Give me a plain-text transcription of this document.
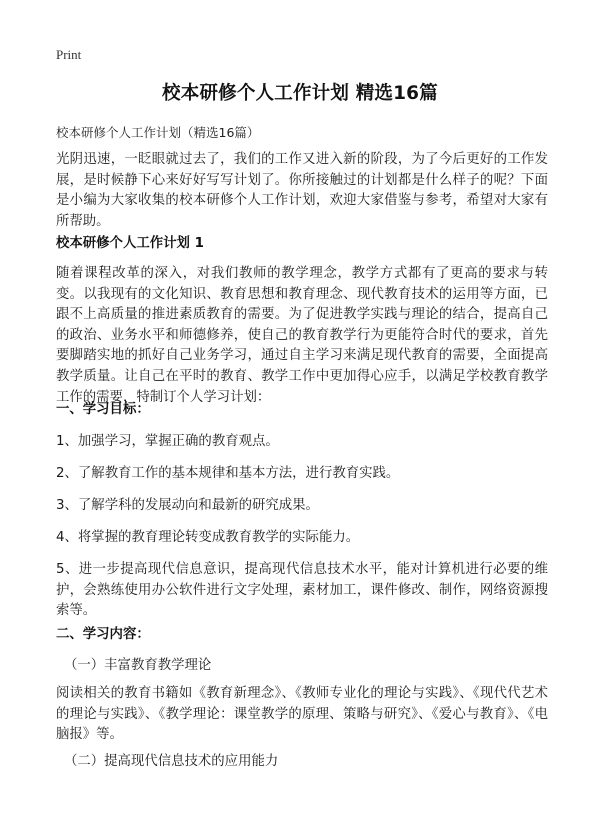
Print
校本研修个人工作计划 精选16篇
校本研修个人工作计划（精选16篇）

光阴迅速，一眨眼就过去了，我们的工作又进入新的阶段，为了今后更好的工作发展，是时候静下心来好好写写计划了。你所接触过的计划都是什么样子的呢？下面是小编为大家收集的校本研修个人工作计划，欢迎大家借鉴与参考，希望对大家有所帮助。

校本研修个人工作计划 1

随着课程改革的深入，对我们教师的教学理念，教学方式都有了更高的要求与转变。以我现有的文化知识、教育思想和教育理念、现代教育技术的运用等方面，已跟不上高质量的推进素质教育的需要。为了促进教学实践与理论的结合，提高自己的政治、业务水平和师德修养，使自己的教育教学行为更能符合时代的要求，首先要脚踏实地的抓好自己业务学习，通过自主学习来满足现代教育的需要，全面提高教学质量。让自己在平时的教育、教学工作中更加得心应手，以满足学校教育教学工作的需要，特制订个人学习计划：

一、学习目标：

1、加强学习，掌握正确的教育观点。

2、了解教育工作的基本规律和基本方法，进行教育实践。

3、了解学科的发展动向和最新的研究成果。

4、将掌握的教育理论转变成教育教学的实际能力。

5、进一步提高现代信息意识，提高现代信息技术水平，能对计算机进行必要的维护，会熟练使用办公软件进行文字处理，素材加工，课件修改、制作，网络资源搜索等。

二、学习内容：

（一）丰富教育教学理论

阅读相关的教育书籍如《教育新理念》、《教师专业化的理论与实践》、《现代代艺术的理论与实践》、《教学理论：课堂教学的原理、策略与研究》、《爱心与教育》、《电脑报》等。

（二）提高现代信息技术的应用能力
